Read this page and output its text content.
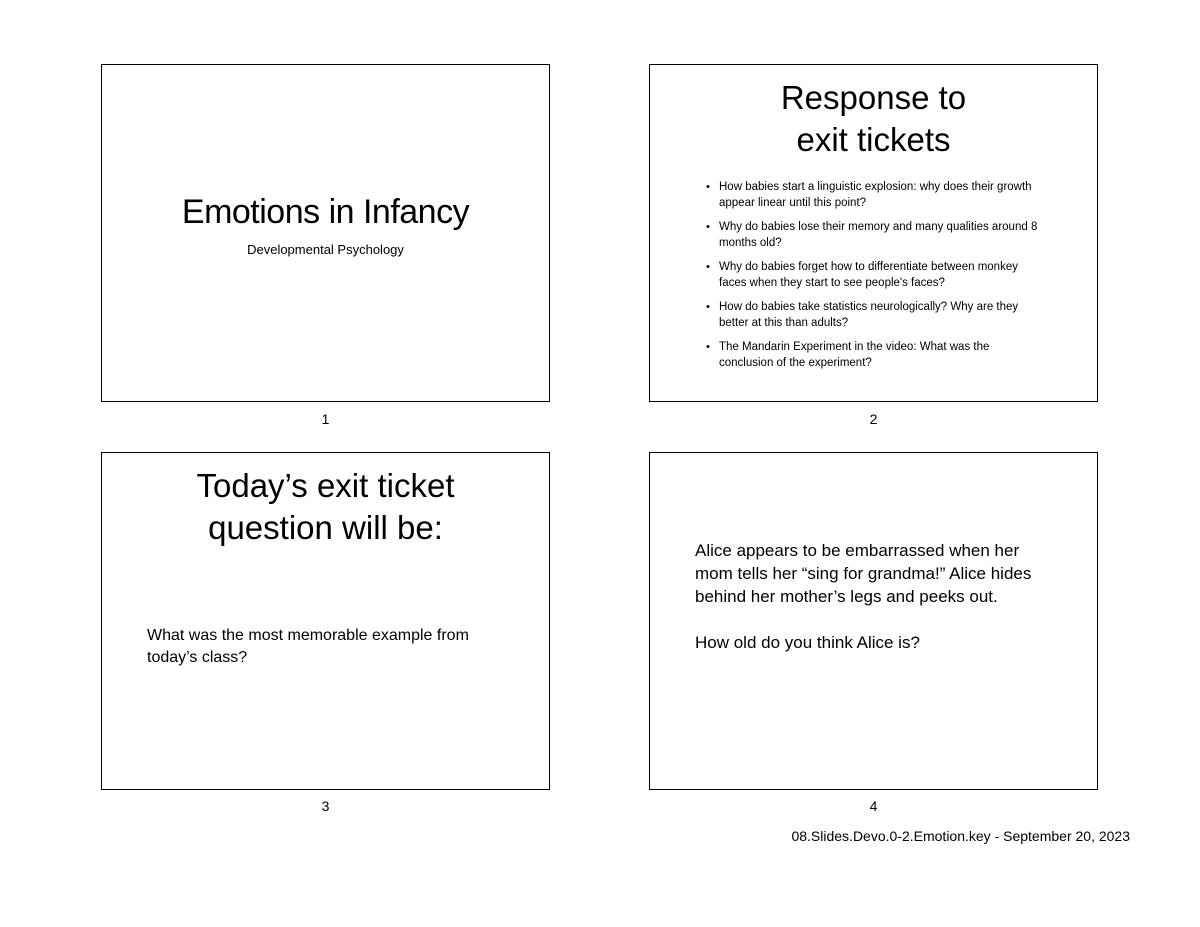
Emotions in Infancy
Developmental Psychology
1
Response to
exit tickets
• How babies start a linguistic explosion: why does their growth appear linear until this point?
• Why do babies lose their memory and many qualities around 8 months old?
• Why do babies forget how to differentiate between monkey faces when they start to see people's faces?
• How do babies take statistics neurologically? Why are they better at this than adults?
• The Mandarin Experiment in the video: What was the conclusion of the experiment?
2
Today’s exit ticket
question will be:
What was the most memorable example from today’s class?
3

Alice appears to be embarrassed when her mom tells her “sing for grandma!” Alice hides behind her mother’s legs and peeks out.

How old do you think Alice is?

4
08.Slides.Devo.0-2.Emotion.key - September 20, 2023
